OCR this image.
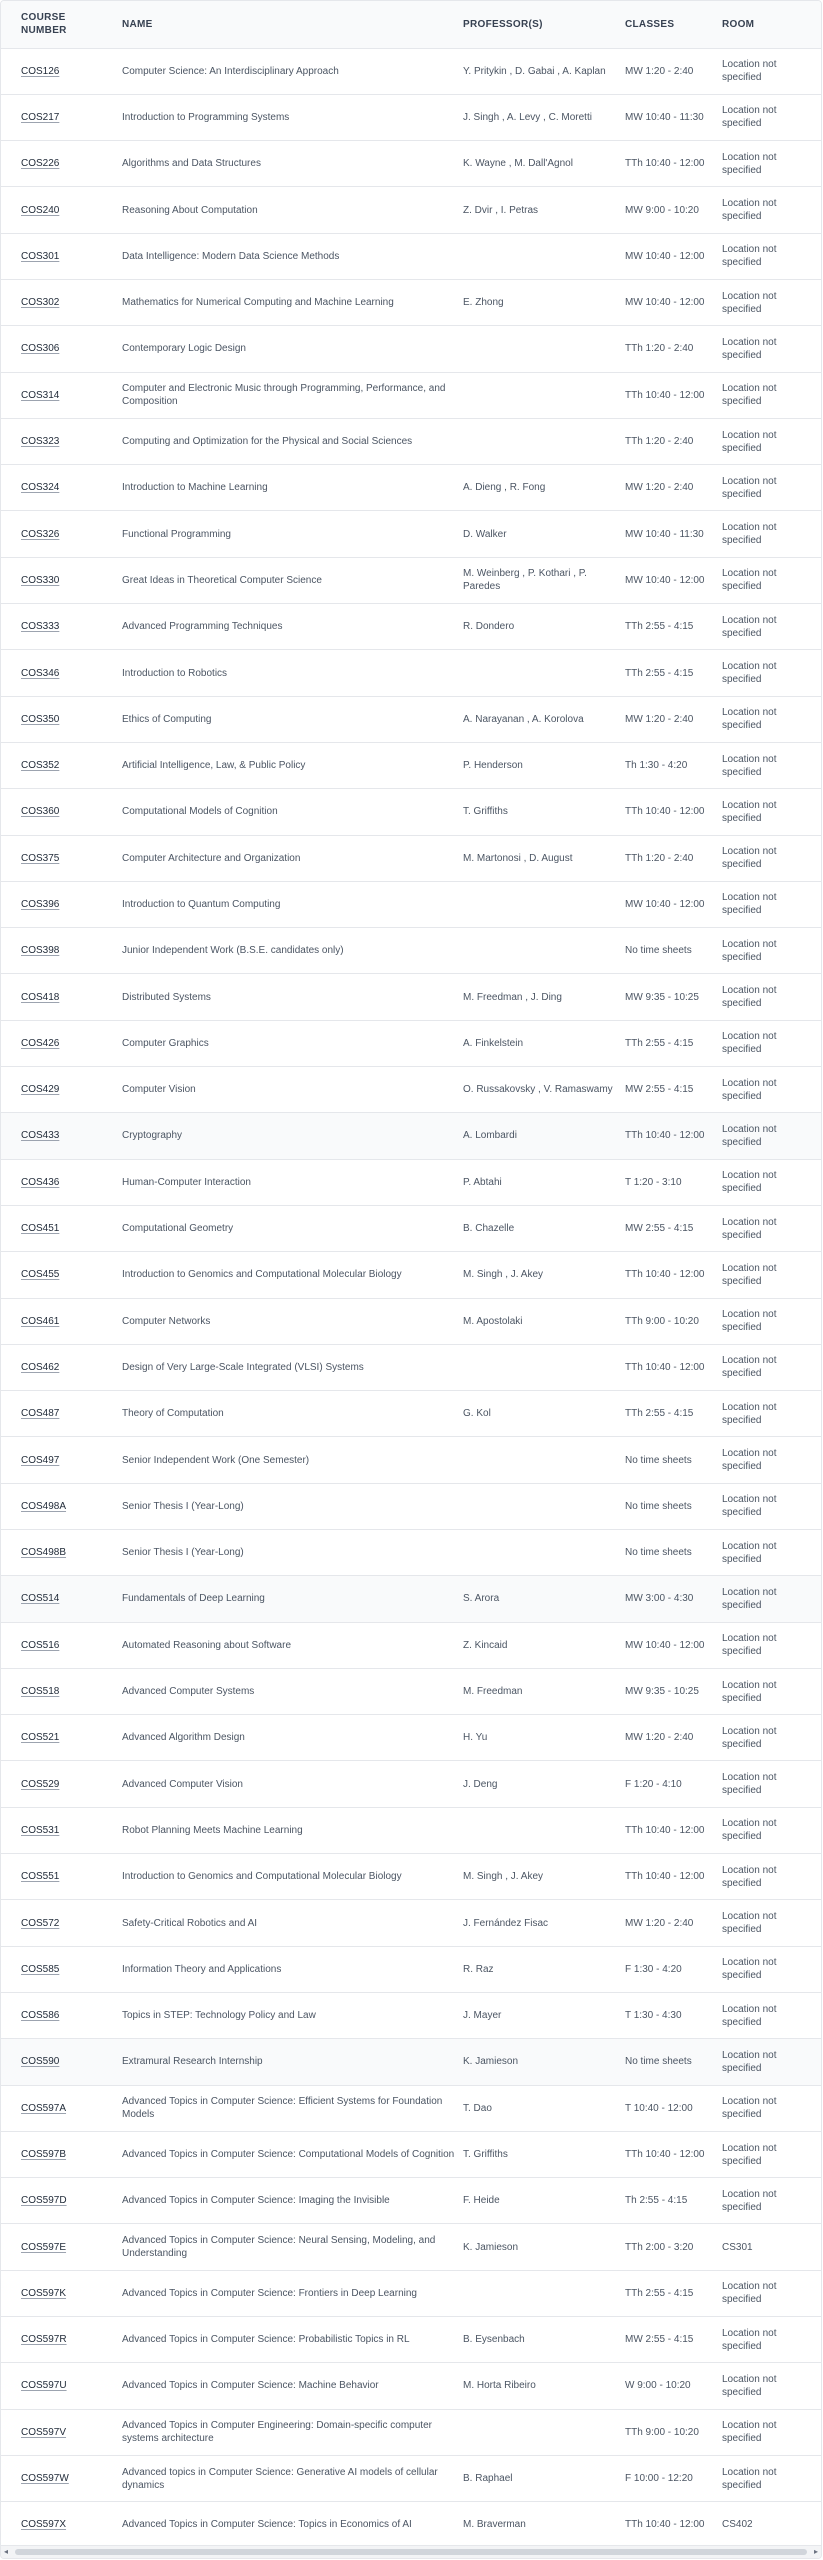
COURSE NUMBER	NAME	PROFESSOR(S)	CLASSES	ROOM
COS126	Computer Science: An Interdisciplinary Approach	Y. Pritykin , D. Gabai , A. Kaplan	MW 1:20 - 2:40	Location not specified
COS217	Introduction to Programming Systems	J. Singh , A. Levy , C. Moretti	MW 10:40 - 11:30	Location not specified
COS226	Algorithms and Data Structures	K. Wayne , M. Dall'Agnol	TTh 10:40 - 12:00	Location not specified
COS240	Reasoning About Computation	Z. Dvir , I. Petras	MW 9:00 - 10:20	Location not specified
COS301	Data Intelligence: Modern Data Science Methods		MW 10:40 - 12:00	Location not specified
COS302	Mathematics for Numerical Computing and Machine Learning	E. Zhong	MW 10:40 - 12:00	Location not specified
COS306	Contemporary Logic Design		TTh 1:20 - 2:40	Location not specified
COS314	Computer and Electronic Music through Programming, Performance, and Composition		TTh 10:40 - 12:00	Location not specified
COS323	Computing and Optimization for the Physical and Social Sciences		TTh 1:20 - 2:40	Location not specified
COS324	Introduction to Machine Learning	A. Dieng , R. Fong	MW 1:20 - 2:40	Location not specified
COS326	Functional Programming	D. Walker	MW 10:40 - 11:30	Location not specified
COS330	Great Ideas in Theoretical Computer Science	M. Weinberg , P. Kothari , P. Paredes	MW 10:40 - 12:00	Location not specified
COS333	Advanced Programming Techniques	R. Dondero	TTh 2:55 - 4:15	Location not specified
COS346	Introduction to Robotics		TTh 2:55 - 4:15	Location not specified
COS350	Ethics of Computing	A. Narayanan , A. Korolova	MW 1:20 - 2:40	Location not specified
COS352	Artificial Intelligence, Law, & Public Policy	P. Henderson	Th 1:30 - 4:20	Location not specified
COS360	Computational Models of Cognition	T. Griffiths	TTh 10:40 - 12:00	Location not specified
COS375	Computer Architecture and Organization	M. Martonosi , D. August	TTh 1:20 - 2:40	Location not specified
COS396	Introduction to Quantum Computing		MW 10:40 - 12:00	Location not specified
COS398	Junior Independent Work (B.S.E. candidates only)		No time sheets	Location not specified
COS418	Distributed Systems	M. Freedman , J. Ding	MW 9:35 - 10:25	Location not specified
COS426	Computer Graphics	A. Finkelstein	TTh 2:55 - 4:15	Location not specified
COS429	Computer Vision	O. Russakovsky , V. Ramaswamy	MW 2:55 - 4:15	Location not specified
COS433	Cryptography	A. Lombardi	TTh 10:40 - 12:00	Location not specified
COS436	Human-Computer Interaction	P. Abtahi	T 1:20 - 3:10	Location not specified
COS451	Computational Geometry	B. Chazelle	MW 2:55 - 4:15	Location not specified
COS455	Introduction to Genomics and Computational Molecular Biology	M. Singh , J. Akey	TTh 10:40 - 12:00	Location not specified
COS461	Computer Networks	M. Apostolaki	TTh 9:00 - 10:20	Location not specified
COS462	Design of Very Large-Scale Integrated (VLSI) Systems		TTh 10:40 - 12:00	Location not specified
COS487	Theory of Computation	G. Kol	TTh 2:55 - 4:15	Location not specified
COS497	Senior Independent Work (One Semester)		No time sheets	Location not specified
COS498A	Senior Thesis I (Year-Long)		No time sheets	Location not specified
COS498B	Senior Thesis I (Year-Long)		No time sheets	Location not specified
COS514	Fundamentals of Deep Learning	S. Arora	MW 3:00 - 4:30	Location not specified
COS516	Automated Reasoning about Software	Z. Kincaid	MW 10:40 - 12:00	Location not specified
COS518	Advanced Computer Systems	M. Freedman	MW 9:35 - 10:25	Location not specified
COS521	Advanced Algorithm Design	H. Yu	MW 1:20 - 2:40	Location not specified
COS529	Advanced Computer Vision	J. Deng	F 1:20 - 4:10	Location not specified
COS531	Robot Planning Meets Machine Learning		TTh 10:40 - 12:00	Location not specified
COS551	Introduction to Genomics and Computational Molecular Biology	M. Singh , J. Akey	TTh 10:40 - 12:00	Location not specified
COS572	Safety-Critical Robotics and AI	J. Fernández Fisac	MW 1:20 - 2:40	Location not specified
COS585	Information Theory and Applications	R. Raz	F 1:30 - 4:20	Location not specified
COS586	Topics in STEP: Technology Policy and Law	J. Mayer	T 1:30 - 4:30	Location not specified
COS590	Extramural Research Internship	K. Jamieson	No time sheets	Location not specified
COS597A	Advanced Topics in Computer Science: Efficient Systems for Foundation Models	T. Dao	T 10:40 - 12:00	Location not specified
COS597B	Advanced Topics in Computer Science: Computational Models of Cognition	T. Griffiths	TTh 10:40 - 12:00	Location not specified
COS597D	Advanced Topics in Computer Science: Imaging the Invisible	F. Heide	Th 2:55 - 4:15	Location not specified
COS597E	Advanced Topics in Computer Science: Neural Sensing, Modeling, and Understanding	K. Jamieson	TTh 2:00 - 3:20	CS301
COS597K	Advanced Topics in Computer Science: Frontiers in Deep Learning		TTh 2:55 - 4:15	Location not specified
COS597R	Advanced Topics in Computer Science: Probabilistic Topics in RL	B. Eysenbach	MW 2:55 - 4:15	Location not specified
COS597U	Advanced Topics in Computer Science: Machine Behavior	M. Horta Ribeiro	W 9:00 - 10:20	Location not specified
COS597V	Advanced Topics in Computer Engineering: Domain-specific computer systems architecture		TTh 9:00 - 10:20	Location not specified
COS597W	Advanced topics in Computer Science: Generative AI models of cellular dynamics	B. Raphael	F 10:00 - 12:20	Location not specified
COS597X	Advanced Topics in Computer Science: Topics in Economics of AI	M. Braverman	TTh 10:40 - 12:00	CS402
◂	▸
